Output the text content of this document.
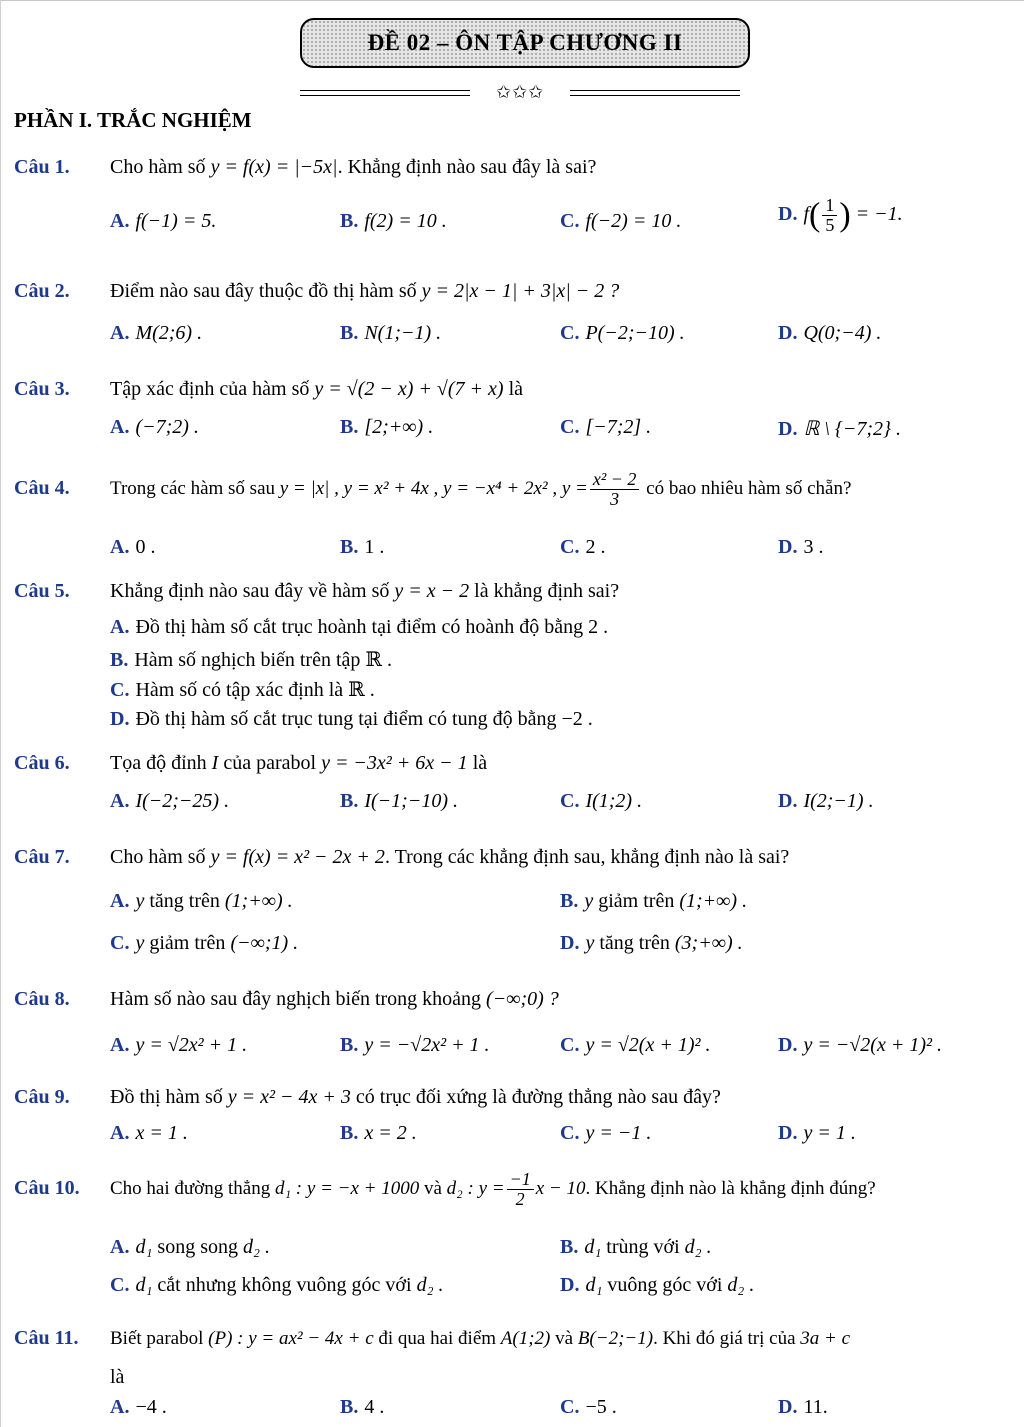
ĐỀ 02 – ÔN TẬP CHƯƠNG II
✩✩✩
PHẦN I. TRẮC NGHIỆM
Câu 1. Cho hàm số y = f(x) = |−5x|. Khẳng định nào sau đây là sai?
A. f(−1) = 5.	B. f(2) = 10 .	C. f(−2) = 10 .	D. $f( \frac{1}{5}$ ) = −1.
Câu 2. Điểm nào sau đây thuộc đồ thị hàm số y = 2|x − 1| + 3|x| − 2 ?
A. M(2;6) .	B. N(1;−1) .	C. P(−2;−10) .	D. Q(0;−4) .
Câu 3. Tập xác định của hàm số y = √(2 − x) + √(7 + x) là
A. (−7;2) .	B. [2;+∞) .	C. [−7;2] .	D. ℝ \ {−7;2} .
Câu 4. Trong các hàm số sau y = |x| , y = x² + 4x , y = −x⁴ + 2x² , $y = \frac{\text{x² − 2}}{3}$ có bao nhiêu hàm số chẵn?
A. 0 .	B. 1 .	C. 2 .	D. 3 .
Câu 5. Khẳng định nào sau đây về hàm số y = x − 2 là khẳng định sai?
A. Đồ thị hàm số cắt trục hoành tại điểm có hoành độ bằng 2 .
B. Hàm số nghịch biến trên tập ℝ .
C. Hàm số có tập xác định là ℝ .
D. Đồ thị hàm số cắt trục tung tại điểm có tung độ bằng −2 .
Câu 6. Tọa độ đỉnh I của parabol y = −3x² + 6x − 1 là
A. I(−2;−25) .	B. I(−1;−10) .	C. I(1;2) .	D. I(2;−1) .
Câu 7. Cho hàm số y = f(x) = x² − 2x + 2. Trong các khẳng định sau, khẳng định nào là sai?
A. y tăng trên (1;+∞) .	B. y giảm trên (1;+∞) .
C. y giảm trên (−∞;1) .	D. y tăng trên (3;+∞) .
Câu 8. Hàm số nào sau đây nghịch biến trong khoảng (−∞;0) ?
A. y = √2x² + 1 .	B. y = −√2x² + 1 .	C. y = √2(x + 1)² .	D. y = −√2(x + 1)² .
Câu 9. Đồ thị hàm số y = x² − 4x + 3 có trục đối xứng là đường thẳng nào sau đây?
A. x = 1 .	B. x = 2 .	C. y = −1 .	D. y = 1 .
Câu 10. Cho hai đường thẳng d₁ : y = −x + 1000 và d₂ : $y = \frac{-1}{2}$ x − 10. Khẳng định nào là khẳng định đúng?
A. d₁ song song d₂ .	B. d₁ trùng với d₂ .
C. d₁ cắt nhưng không vuông góc với d₂ .	D. d₁ vuông góc với d₂ .
Câu 11. Biết parabol (P) : y = ax² − 4x + c đi qua hai điểm A(1;2) và B(−2;−1). Khi đó giá trị của 3a + c
là
A. −4 .	B. 4 .	C. −5 .	D. 11.
